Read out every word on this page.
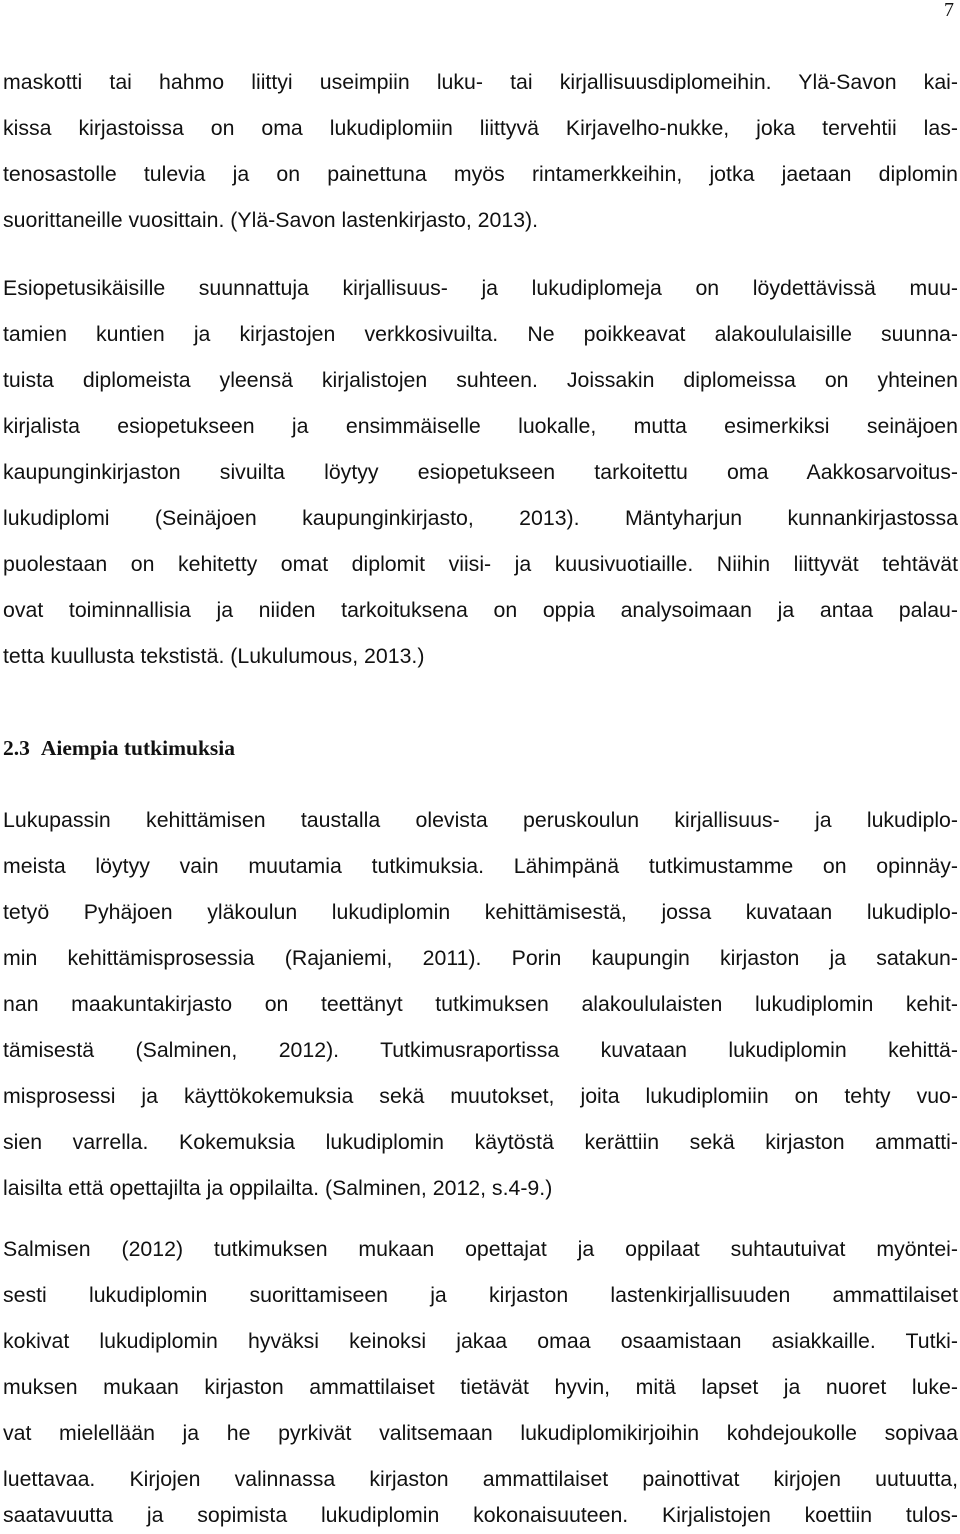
7
maskotti tai hahmo liittyi useimpiin luku- tai kirjallisuusdiplomeihin. Ylä-Savon kai-
kissa kirjastoissa on oma lukudiplomiin liittyvä Kirjavelho-nukke, joka tervehtii las-
tenosastolle tulevia ja on painettuna myös rintamerkkeihin, jotka jaetaan diplomin
suorittaneille vuosittain. (Ylä-Savon lastenkirjasto, 2013).
Esiopetusikäisille suunnattuja kirjallisuus- ja lukudiplomeja on löydettävissä muu-
tamien kuntien ja kirjastojen verkkosivuilta. Ne poikkeavat alakoululaisille suunna-
tuista diplomeista yleensä kirjalistojen suhteen. Joissakin diplomeissa on yhteinen
kirjalista esiopetukseen ja ensimmäiselle luokalle, mutta esimerkiksi seinäjoen
kaupunginkirjaston sivuilta löytyy esiopetukseen tarkoitettu oma Aakkosarvoitus-
lukudiplomi (Seinäjoen kaupunginkirjasto, 2013). Mäntyharjun kunnankirjastossa
puolestaan on kehitetty omat diplomit viisi- ja kuusivuotiaille. Niihin liittyvät tehtävät
ovat toiminnallisia ja niiden tarkoituksena on oppia analysoimaan ja antaa palau-
tetta kuullusta tekstistä. (Lukulumous, 2013.)
2.3 Aiempia tutkimuksia
Lukupassin kehittämisen taustalla olevista peruskoulun kirjallisuus- ja lukudiplo-
meista löytyy vain muutamia tutkimuksia. Lähimpänä tutkimustamme on opinnäy-
tetyö Pyhäjoen yläkoulun lukudiplomin kehittämisestä, jossa kuvataan lukudiplo-
min kehittämisprosessia (Rajaniemi, 2011). Porin kaupungin kirjaston ja satakun-
nan maakuntakirjasto on teettänyt tutkimuksen alakoululaisten lukudiplomin kehit-
tämisestä (Salminen, 2012). Tutkimusraportissa kuvataan lukudiplomin kehittä-
misprosessi ja käyttökokemuksia sekä muutokset, joita lukudiplomiin on tehty vuo-
sien varrella. Kokemuksia lukudiplomin käytöstä kerättiin sekä kirjaston ammatti-
laisilta että opettajilta ja oppilailta. (Salminen, 2012, s.4-9.)
Salmisen (2012) tutkimuksen mukaan opettajat ja oppilaat suhtautuivat myöntei-
sesti lukudiplomin suorittamiseen ja kirjaston lastenkirjallisuuden ammattilaiset
kokivat lukudiplomin hyväksi keinoksi jakaa omaa osaamistaan asiakkaille. Tutki-
muksen mukaan kirjaston ammattilaiset tietävät hyvin, mitä lapset ja nuoret luke-
vat mielellään ja he pyrkivät valitsemaan lukudiplomikirjoihin kohdejoukolle sopivaa
luettavaa. Kirjojen valinnassa kirjaston ammattilaiset painottivat kirjojen uutuutta,
saatavuutta ja sopimista lukudiplomin kokonaisuuteen. Kirjalistojen koettiin tulos-
